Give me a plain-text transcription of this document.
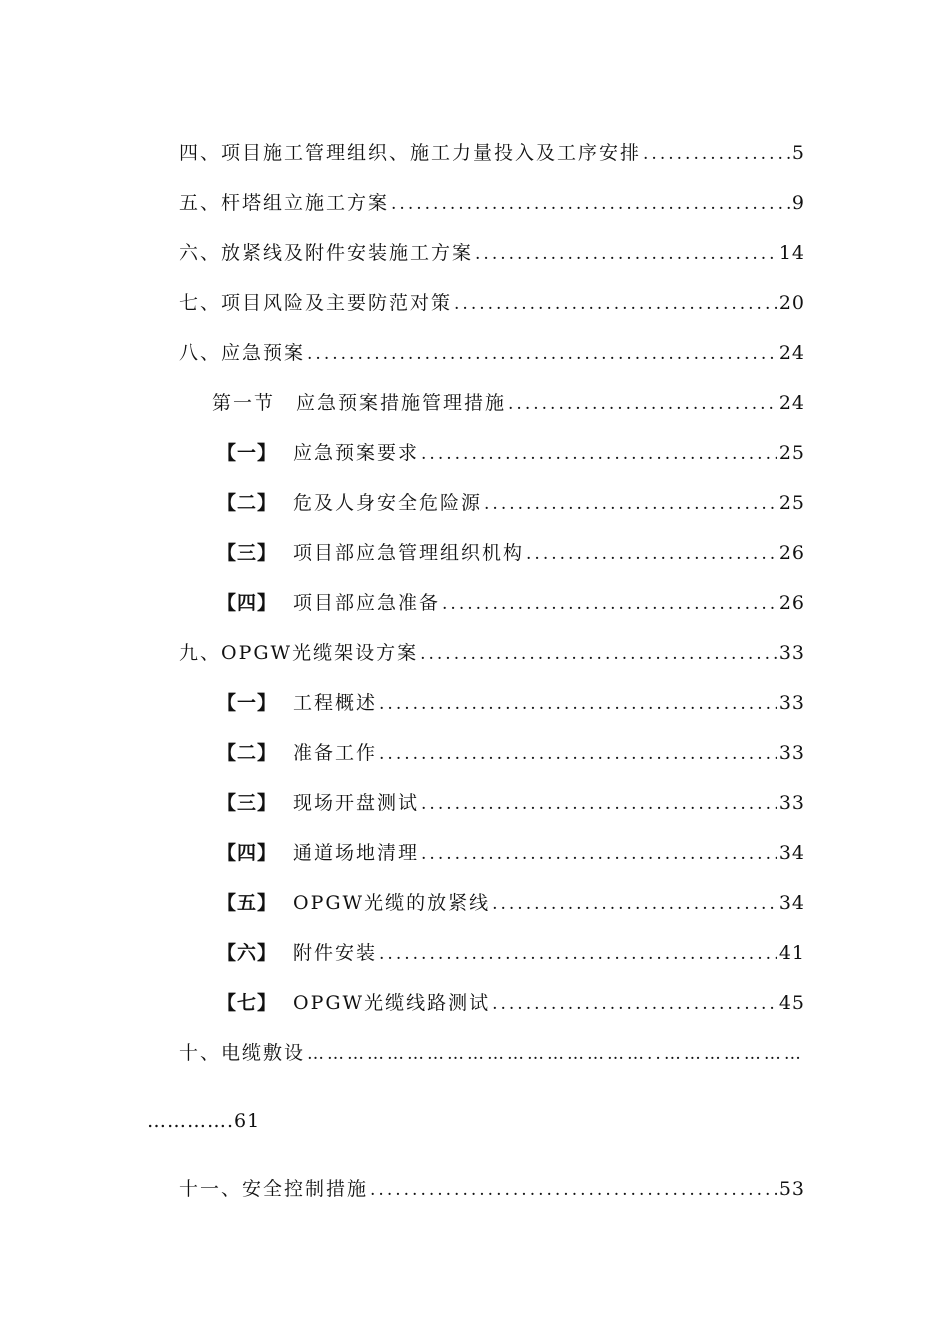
四、项目施工管理组织、施工力量投入及工序安排 .....	5
五、杆塔组立施工方案 .....	9
六、放紧线及附件安装施工方案 .....	14
七、项目风险及主要防范对策 .....	20
八、应急预案 .....	24
第一节　应急预案措施管理措施 .....	24
【一】 应急预案要求 .....	25
【二】 危及人身安全危险源 .....	25
【三】 项目部应急管理组织机构 .....	26
【四】 项目部应急准备 .....	26
九、OPGW光缆架设方案 .....	33
【一】 工程概述 .....	33
【二】 准备工作 .....	33
【三】 现场开盘测试 .....	33
【四】 通道场地清理 .....	34
【五】 OPGW光缆的放紧线 .....	34
【六】 附件安装 .....	41
【七】 OPGW光缆线路测试 .....	45
十、电缆敷设
……………………………………………..……………………………………………………………………
………….61
十一、安全控制措施 .....	53
